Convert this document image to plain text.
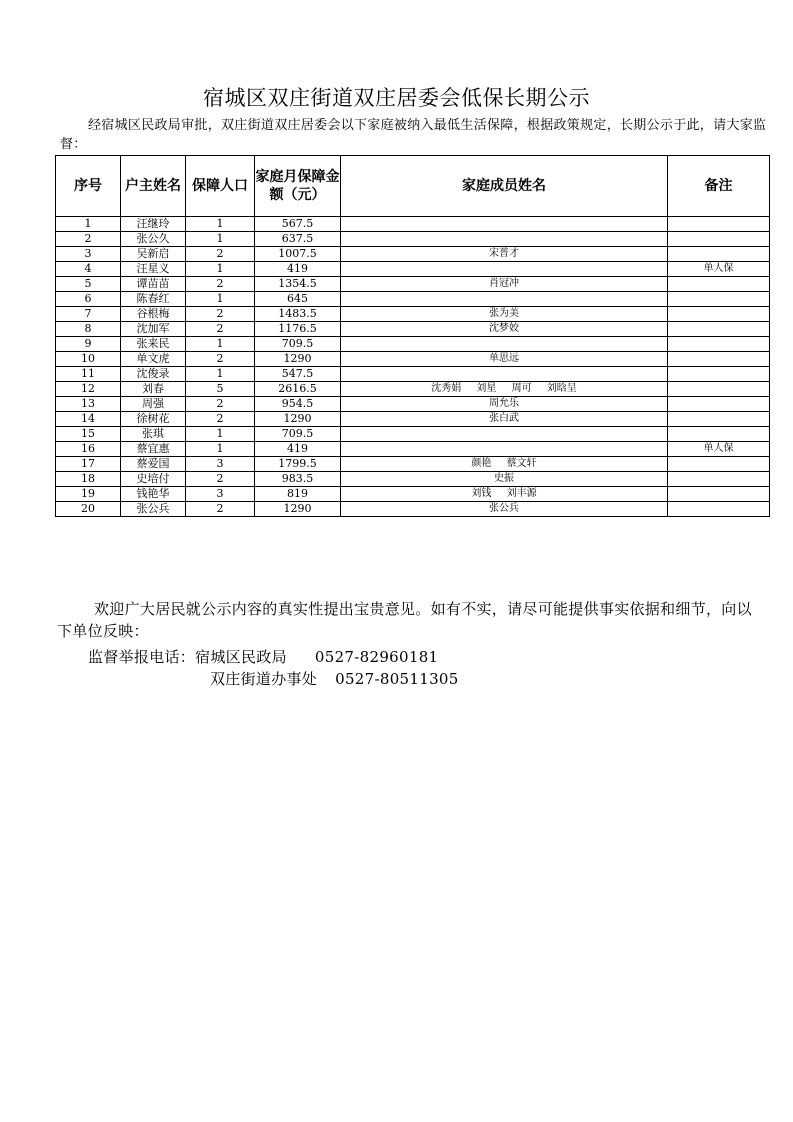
宿城区双庄街道双庄居委会低保长期公示
经宿城区民政局审批，双庄街道双庄居委会以下家庭被纳入最低生活保障，根据政策规定，长期公示于此，请大家监督：
序号	户主姓名	保障人口	家庭月保障金额（元）	家庭成员姓名	备注
1	汪继玲	1	567.5		
2	张公久	1	637.5		
3	吴新启	2	1007.5	宋普才	
4	汪星义	1	419		单人保
5	谭苗苗	2	1354.5	肖冠冲	
6	陈春红	1	645		
7	谷根梅	2	1483.5	张为美	
8	沈加军	2	1176.5	沈梦姣	
9	张来民	1	709.5		
10	单文虎	2	1290	单思远	
11	沈俊录	1	547.5		
12	刘春	5	2616.5	沈秀娟 刘星 周可 刘晗呈	
13	周强	2	954.5	周允乐	
14	徐树花	2	1290	张白武	
15	张琪	1	709.5		
16	蔡宜惠	1	419		单人保
17	蔡爱国	3	1799.5	颜艳 蔡文轩	
18	史培付	2	983.5	史振	
19	钱艳华	3	819	刘钱 刘丰源	
20	张公兵	2	1290	张公兵	
欢迎广大居民就公示内容的真实性提出宝贵意见。如有不实，请尽可能提供事实依据和细节，向以下单位反映：
监督举报电话：宿城区民政局 0527-82960181
双庄街道办事处 0527-80511305
